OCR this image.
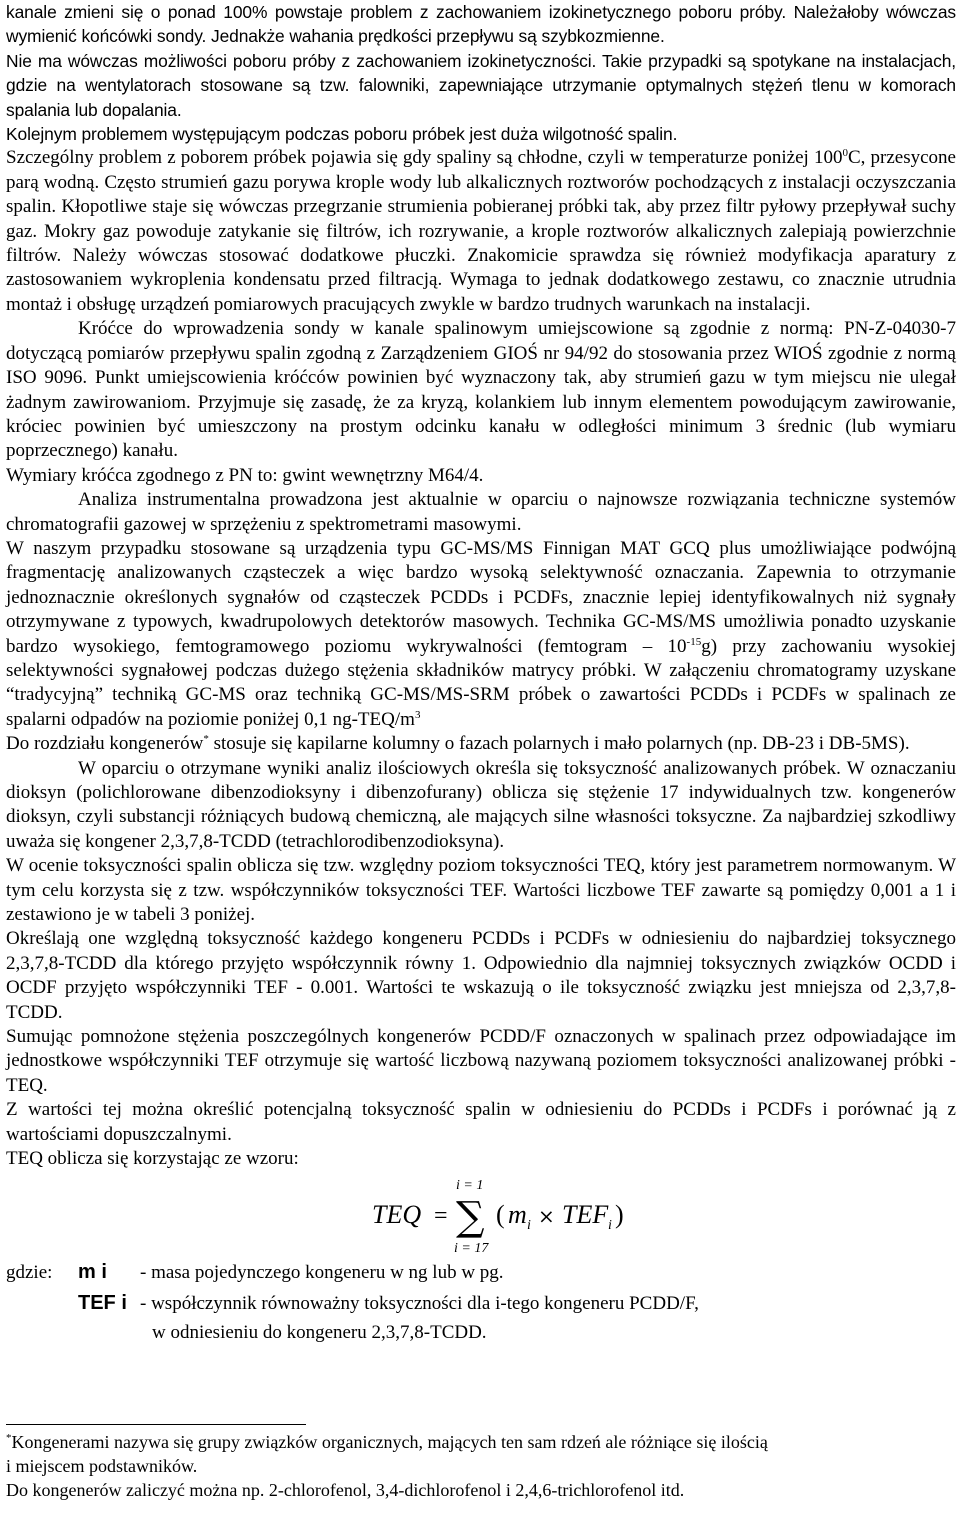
kanale zmieni się o ponad 100% powstaje problem z zachowaniem izokinetycznego poboru próby. Należałoby wówczas wymienić końcówki sondy. Jednakże wahania prędkości przepływu są szybkozmienne.

Nie ma wówczas możliwości poboru próby z zachowaniem izokinetyczności. Takie przypadki są spotykane na instalacjach, gdzie na wentylatorach stosowane są tzw. falowniki, zapewniające utrzymanie optymalnych stężeń tlenu w komorach spalania lub dopalania.

Kolejnym problemem występującym podczas poboru próbek jest duża wilgotność spalin.

Szczególny problem z poborem próbek pojawia się gdy spaliny są chłodne, czyli w temperaturze poniżej $100^0C$, przesycone parą wodną. Często strumień gazu porywa krople wody lub alkalicznych roztworów pochodzących z instalacji oczyszczania spalin. Kłopotliwe staje się wówczas przegrzanie strumienia pobieranej próbki tak, aby przez filtr pyłowy przepływał suchy gaz. Mokry gaz powoduje zatykanie się filtrów, ich rozrywanie, a krople roztworów alkalicznych zalepiają powierzchnie filtrów. Należy wówczas stosować dodatkowe płuczki. Znakomicie sprawdza się również modyfikacja aparatury z zastosowaniem wykroplenia kondensatu przed filtracją. Wymaga to jednak dodatkowego zestawu, co znacznie utrudnia montaż i obsługę urządzeń pomiarowych pracujących zwykle w bardzo trudnych warunkach na instalacji.

Króćce do wprowadzenia sondy w kanale spalinowym umiejscowione są zgodnie z normą: PN-Z-04030-7 dotyczącą pomiarów przepływu spalin zgodną z Zarządzeniem GIOŚ nr 94/92 do stosowania przez WIOŚ zgodnie z normą ISO 9096. Punkt umiejscowienia króćców powinien być wyznaczony tak, aby strumień gazu w tym miejscu nie ulegał żadnym zawirowaniom. Przyjmuje się zasadę, że za kryzą, kolankiem lub innym elementem powodującym zawirowanie, króciec powinien być umieszczony na prostym odcinku kanału w odległości minimum 3 średnic (lub wymiaru poprzecznego) kanału.

Wymiary króćca zgodnego z PN to: gwint wewnętrzny M64/4.

Analiza instrumentalna prowadzona jest aktualnie w oparciu o najnowsze rozwiązania techniczne systemów chromatografii gazowej w sprzężeniu z spektrometrami masowymi.

W naszym przypadku stosowane są urządzenia typu GC-MS/MS Finnigan MAT GCQ plus umożliwiające podwójną fragmentację analizowanych cząsteczek a więc bardzo wysoką selektywność oznaczania. Zapewnia to otrzymanie jednoznacznie określonych sygnałów od cząsteczek PCDDs i PCDFs, znacznie lepiej identyfikowalnych niż sygnały otrzymywane z typowych, kwadrupolowych detektorów masowych. Technika GC-MS/MS umożliwia ponadto uzyskanie bardzo wysokiego, femtogramowego poziomu wykrywalności (femtogram – $10^{-15}g$) przy zachowaniu wysokiej selektywności sygnałowej podczas dużego stężenia składników matrycy próbki. W załączeniu chromatogramy uzyskane “tradycyjną” techniką GC-MS oraz techniką GC-MS/MS-SRM próbek o zawartości PCDDs i PCDFs w spalinach ze spalarni odpadów na poziomie poniżej 0,1 $ng-TEQ/m^3$

Do rozdziału kongenerów* stosuje się kapilarne kolumny o fazach polarnych i mało polarnych (np. DB-23 i DB-5MS).

W oparciu o otrzymane wyniki analiz ilościowych określa się toksyczność analizowanych próbek. W oznaczaniu dioksyn (polichlorowane dibenzodioksyny i dibenzofurany) oblicza się stężenie 17 indywidualnych tzw. kongenerów dioksyn, czyli substancji różniących budową chemiczną, ale mających silne własności toksyczne. Za najbardziej szkodliwy uważa się kongener 2,3,7,8-TCDD (tetrachlorodibenzodioksyna).

W ocenie toksyczności spalin oblicza się tzw. względny poziom toksyczności TEQ, który jest parametrem normowanym. W tym celu korzysta się z tzw. współczynników toksyczności TEF. Wartości liczbowe TEF zawarte są pomiędzy 0,001 a 1 i zestawiono je w tabeli 3 poniżej.

Określają one względną toksyczność każdego kongeneru PCDDs i PCDFs w odniesieniu do najbardziej toksycznego 2,3,7,8-TCDD dla którego przyjęto współczynnik równy 1. Odpowiednio dla najmniej toksycznych związków OCDD i OCDF przyjęto współczynniki TEF - 0.001. Wartości te wskazują o ile toksyczność związku jest mniejsza od 2,3,7,8-TCDD.

Sumując pomnożone stężenia poszczególnych kongenerów PCDD/F oznaczonych w spalinach przez odpowiadające im jednostkowe współczynniki TEF otrzymuje się wartość liczbową nazywaną poziomem toksyczności analizowanej próbki - TEQ.

Z wartości tej można określić potencjalną toksyczność spalin w odniesieniu do PCDDs i PCDFs i porównać ją z wartościami dopuszczalnymi.

TEQ oblicza się korzystając ze wzoru:

TEQ =
i = 1
∑
i = 17
( m i × TEF i )
gdzie: m i - masa pojedynczego kongeneru w ng lub w pg.
TEF i - współczynnik równoważny toksyczności dla i-tego kongeneru PCDD/F,
w odniesieniu do kongeneru 2,3,7,8-TCDD.

*Kongenerami nazywa się grupy związków organicznych, mających ten sam rdzeń ale różniące się ilością

i miejscem podstawników.

Do kongenerów zaliczyć można np. 2-chlorofenol, 3,4-dichlorofenol i 2,4,6-trichlorofenol itd.
